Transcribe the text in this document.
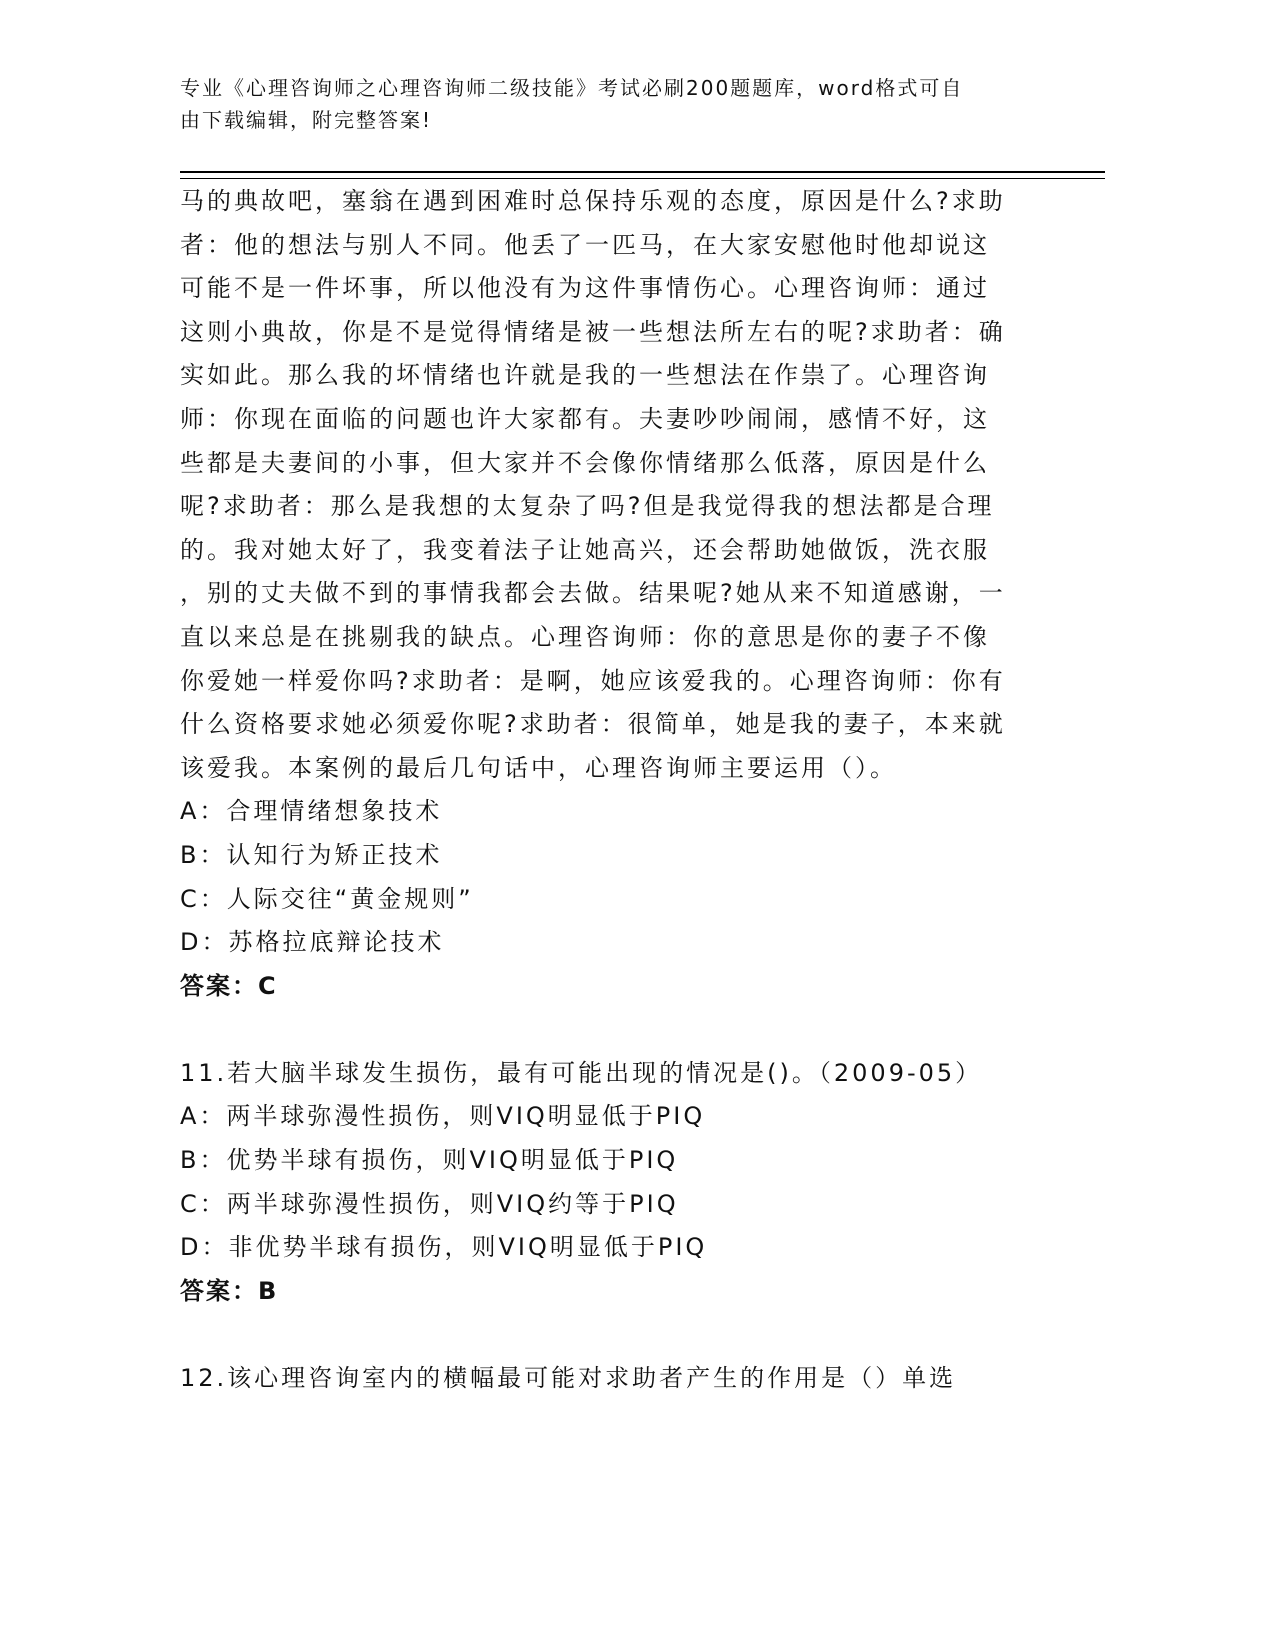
专业《心理咨询师之心理咨询师二级技能》考试必刷200题题库，word格式可自
由下载编辑，附完整答案!
马的典故吧，塞翁在遇到困难时总保持乐观的态度，原因是什么?求助
者：他的想法与别人不同。他丢了一匹马，在大家安慰他时他却说这
可能不是一件坏事，所以他没有为这件事情伤心。心理咨询师：通过
这则小典故，你是不是觉得情绪是被一些想法所左右的呢?求助者：确
实如此。那么我的坏情绪也许就是我的一些想法在作祟了。心理咨询
师：你现在面临的问题也许大家都有。夫妻吵吵闹闹，感情不好，这
些都是夫妻间的小事，但大家并不会像你情绪那么低落，原因是什么
呢?求助者：那么是我想的太复杂了吗?但是我觉得我的想法都是合理
的。我对她太好了，我变着法子让她高兴，还会帮助她做饭，洗衣服
，别的丈夫做不到的事情我都会去做。结果呢?她从来不知道感谢，一
直以来总是在挑剔我的缺点。心理咨询师：你的意思是你的妻子不像
你爱她一样爱你吗?求助者：是啊，她应该爱我的。心理咨询师：你有
什么资格要求她必须爱你呢?求助者：很简单，她是我的妻子，本来就
该爱我。本案例的最后几句话中，心理咨询师主要运用（）。
A：合理情绪想象技术
B：认知行为矫正技术
C：人际交往“黄金规则”
D：苏格拉底辩论技术
答案：C
11.若大脑半球发生损伤，最有可能出现的情况是()。（2009-05）
A：两半球弥漫性损伤，则VIQ明显低于PIQ
B：优势半球有损伤，则VIQ明显低于PIQ
C：两半球弥漫性损伤，则VIQ约等于PIQ
D：非优势半球有损伤，则VIQ明显低于PIQ
答案：B
12.该心理咨询室内的横幅最可能对求助者产生的作用是（）单选
